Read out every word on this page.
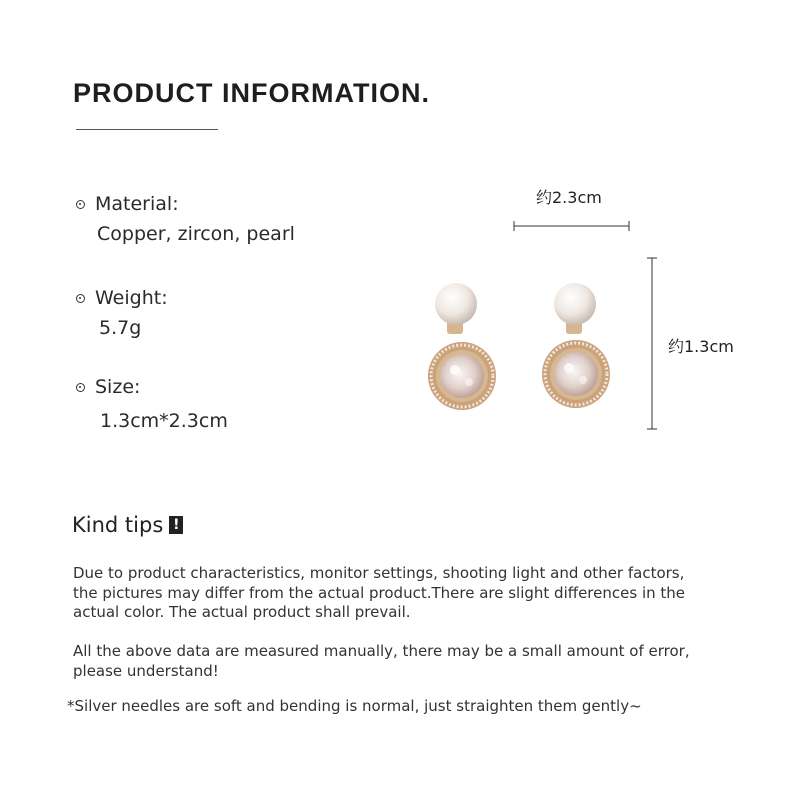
PRODUCT INFORMATION.
Material:
Copper, zircon, pearl
Weight:
5.7g
Size:
1.3cm*2.3cm
约2.3cm
约1.3cm
Kind tips !
Due to product characteristics, monitor settings, shooting light and other factors, the pictures may differ from the actual product.There are slight differences in the actual color. The actual product shall prevail.
All the above data are measured manually, there may be a small amount of error, please understand!
*Silver needles are soft and bending is normal, just straighten them gently~
